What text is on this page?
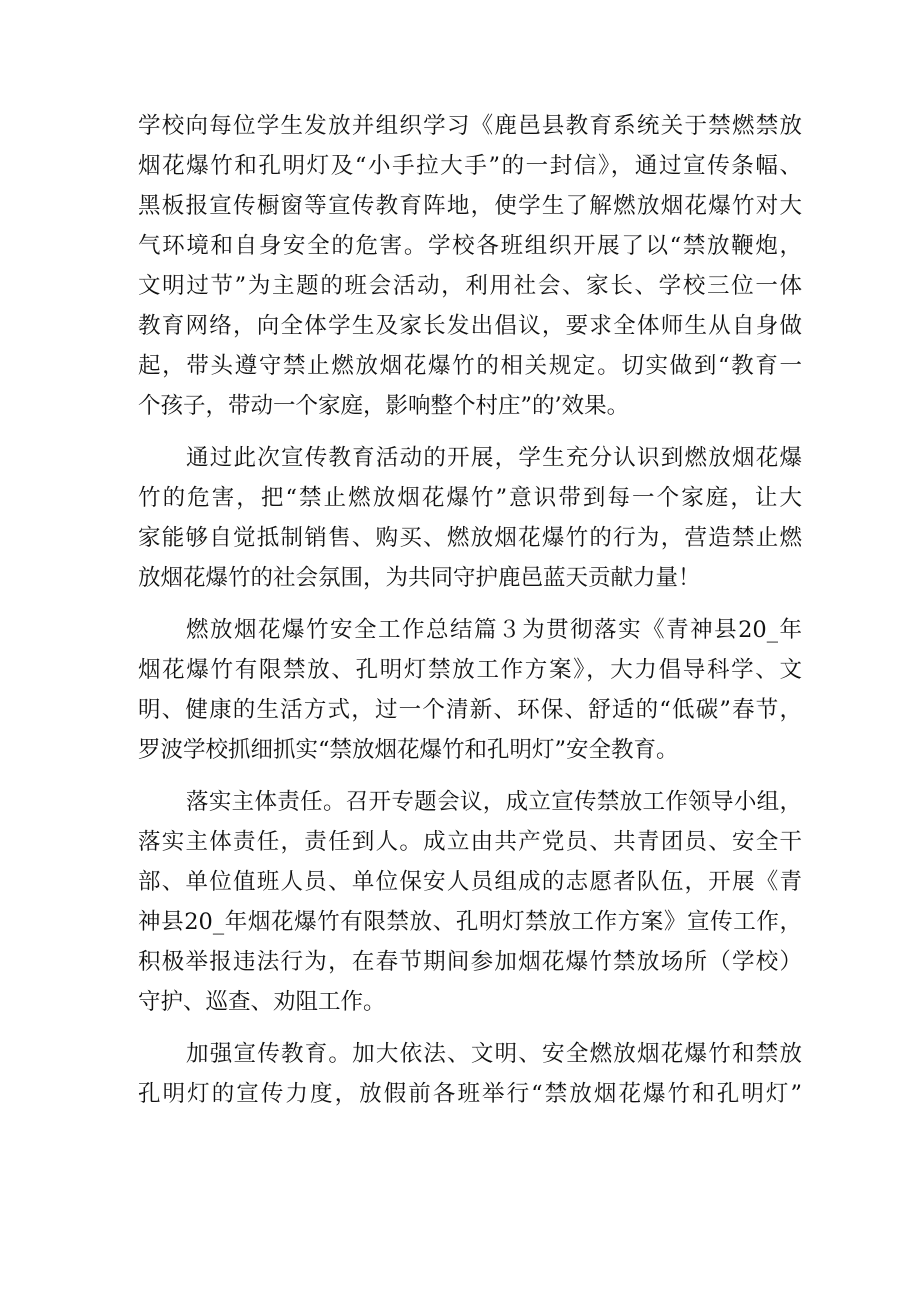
学校向每位学生发放并组织学习《鹿邑县教育系统关于禁燃禁放
烟花爆竹和孔明灯及“小手拉大手”的一封信》，通过宣传条幅、
黑板报宣传橱窗等宣传教育阵地，使学生了解燃放烟花爆竹对大
气环境和自身安全的危害。学校各班组织开展了以“禁放鞭炮，
文明过节”为主题的班会活动，利用社会、家长、学校三位一体
教育网络，向全体学生及家长发出倡议，要求全体师生从自身做
起，带头遵守禁止燃放烟花爆竹的相关规定。切实做到“教育一
个孩子，带动一个家庭，影响整个村庄”的’效果。
通过此次宣传教育活动的开展，学生充分认识到燃放烟花爆
竹的危害，把“禁止燃放烟花爆竹”意识带到每一个家庭，让大
家能够自觉抵制销售、购买、燃放烟花爆竹的行为，营造禁止燃
放烟花爆竹的社会氛围，为共同守护鹿邑蓝天贡献力量！
燃放烟花爆竹安全工作总结篇３为贯彻落实《青神县20_年
烟花爆竹有限禁放、孔明灯禁放工作方案》，大力倡导科学、文
明、健康的生活方式，过一个清新、环保、舒适的“低碳”春节，
罗波学校抓细抓实“禁放烟花爆竹和孔明灯”安全教育。
落实主体责任。召开专题会议，成立宣传禁放工作领导小组，
落实主体责任，责任到人。成立由共产党员、共青团员、安全干
部、单位值班人员、单位保安人员组成的志愿者队伍，开展《青
神县20_年烟花爆竹有限禁放、孔明灯禁放工作方案》宣传工作，
积极举报违法行为，在春节期间参加烟花爆竹禁放场所（学校）
守护、巡查、劝阻工作。
加强宣传教育。加大依法、文明、安全燃放烟花爆竹和禁放
孔明灯的宣传力度，放假前各班举行“禁放烟花爆竹和孔明灯”
